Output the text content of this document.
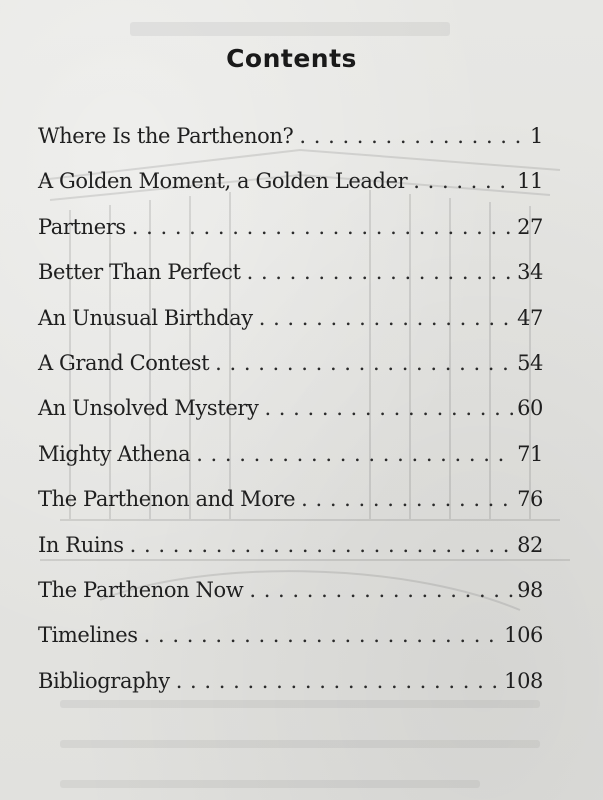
Contents
Where Is the Parthenon? . . .	1
A Golden Moment, a Golden Leader . . .	11
Partners . . .	27
Better Than Perfect . . .	34
An Unusual Birthday . . .	47
A Grand Contest . . .	54
An Unsolved Mystery . . .	60
Mighty Athena . . .	71
The Parthenon and More . . .	76
In Ruins . . .	82
The Parthenon Now . . .	98
Timelines . . .	106
Bibliography . . .	108
